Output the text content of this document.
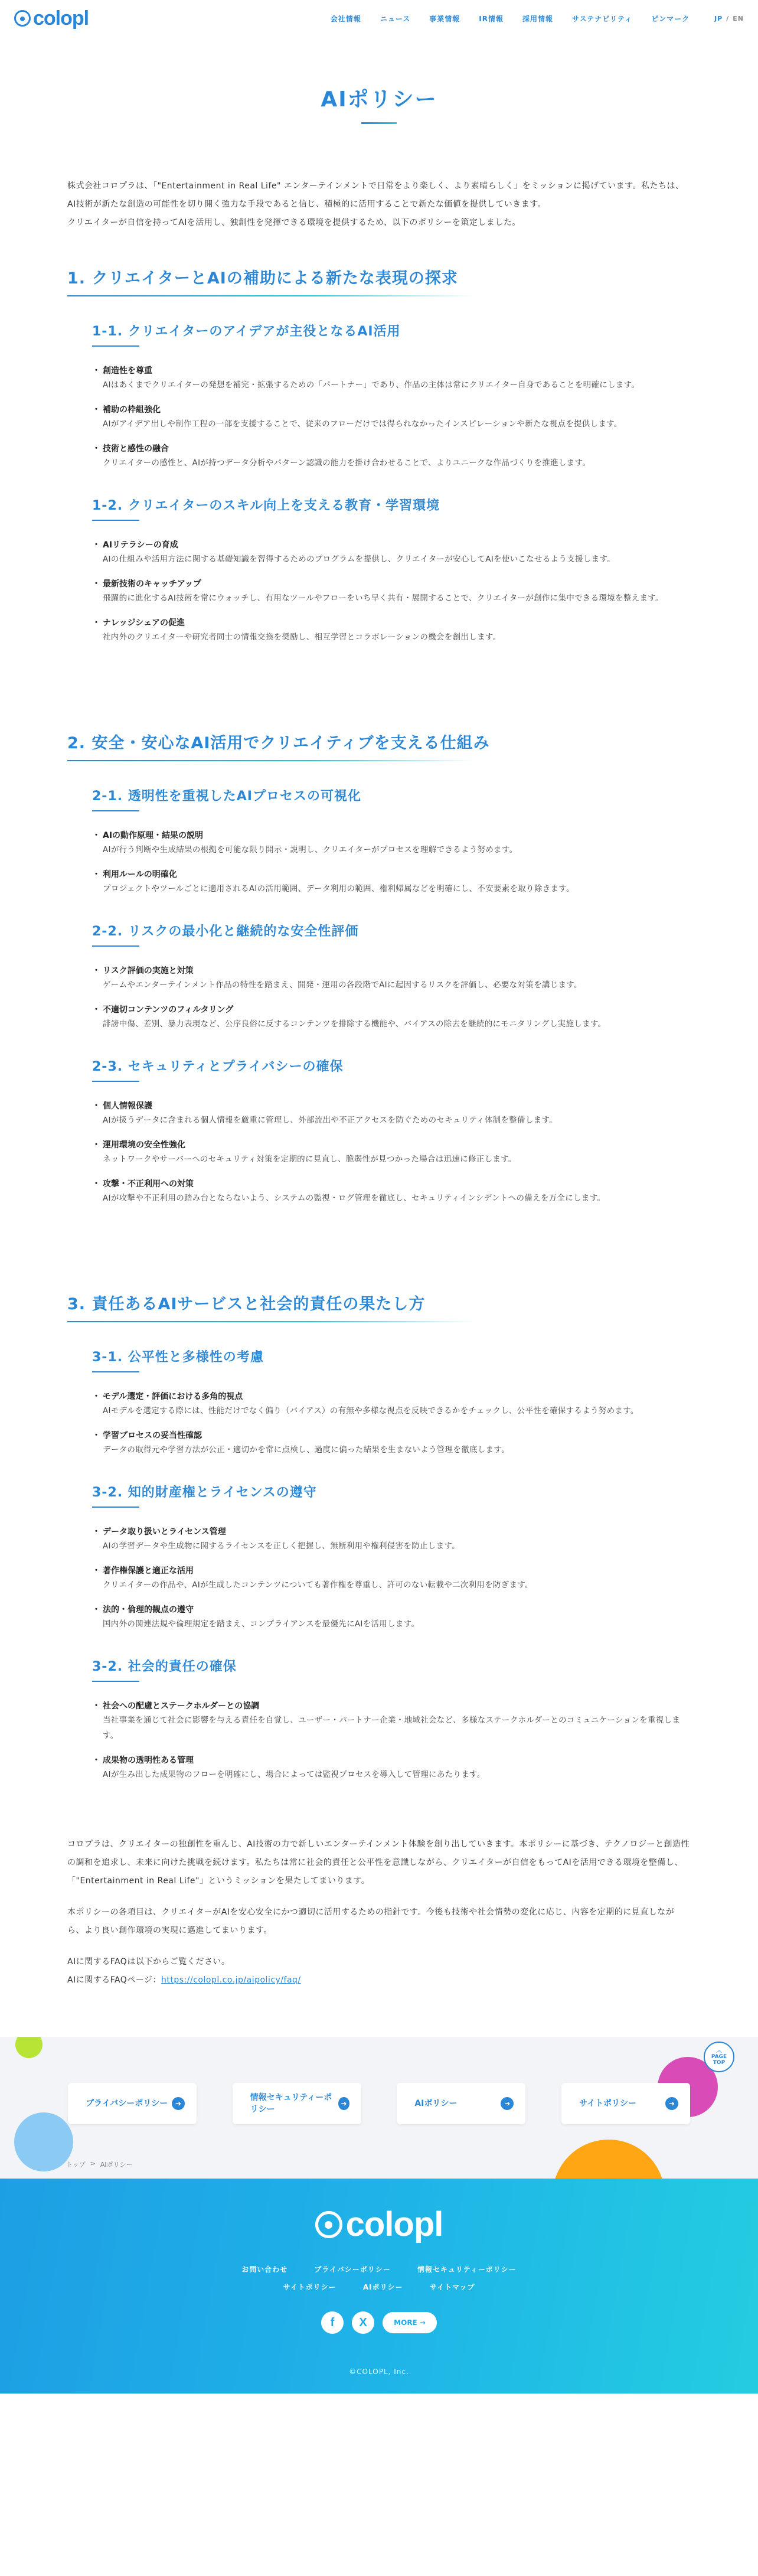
colopl	会社情報	ニュース	事業情報	IR情報	採用情報	サステナビリティ	ピンマーク	JP / EN
AIポリシー

株式会社コロプラは、「"Entertainment in Real Life" エンターテインメントで日常をより楽しく、より素晴らしく」をミッションに掲げています。私たちは、AI技術が新たな創造の可能性を切り開く強力な手段であると信じ、積極的に活用することで新たな価値を提供していきます。

クリエイターが自信を持ってAIを活用し、独創性を発揮できる環境を提供するため、以下のポリシーを策定しました。

1. クリエイターとAIの補助による新たな表現の探求
1-1. クリエイターのアイデアが主役となるAI活用
・ 創造性を尊重
AIはあくまでクリエイターの発想を補完・拡張するための「パートナー」であり、作品の主体は常にクリエイター自身であることを明確にします。
・ 補助の枠組強化
AIがアイデア出しや制作工程の一部を支援することで、従来のフローだけでは得られなかったインスピレーションや新たな視点を提供します。
・ 技術と感性の融合
クリエイターの感性と、AIが持つデータ分析やパターン認識の能力を掛け合わせることで、よりユニークな作品づくりを推進します。
1-2. クリエイターのスキル向上を支える教育・学習環境
・ AIリテラシーの育成
AIの仕組みや活用方法に関する基礎知識を習得するためのプログラムを提供し、クリエイターが安心してAIを使いこなせるよう支援します。
・ 最新技術のキャッチアップ
飛躍的に進化するAI技術を常にウォッチし、有用なツールやフローをいち早く共有・展開することで、クリエイターが創作に集中できる環境を整えます。
・ ナレッジシェアの促進
社内外のクリエイターや研究者同士の情報交換を奨励し、相互学習とコラボレーションの機会を創出します。
2. 安全・安心なAI活用でクリエイティブを支える仕組み
2-1. 透明性を重視したAIプロセスの可視化
・ AIの動作原理・結果の説明
AIが行う判断や生成結果の根拠を可能な限り開示・説明し、クリエイターがプロセスを理解できるよう努めます。
・ 利用ルールの明確化
プロジェクトやツールごとに適用されるAIの活用範囲、データ利用の範囲、権利帰属などを明確にし、不安要素を取り除きます。
2-2. リスクの最小化と継続的な安全性評価
・ リスク評価の実施と対策
ゲームやエンターテインメント作品の特性を踏まえ、開発・運用の各段階でAIに起因するリスクを評価し、必要な対策を講じます。
・ 不適切コンテンツのフィルタリング
誹謗中傷、差別、暴力表現など、公序良俗に反するコンテンツを排除する機能や、バイアスの除去を継続的にモニタリングし実施します。
2-3. セキュリティとプライバシーの確保
・ 個人情報保護
AIが扱うデータに含まれる個人情報を厳重に管理し、外部流出や不正アクセスを防ぐためのセキュリティ体制を整備します。
・ 運用環境の安全性強化
ネットワークやサーバーへのセキュリティ対策を定期的に見直し、脆弱性が見つかった場合は迅速に修正します。
・ 攻撃・不正利用への対策
AIが攻撃や不正利用の踏み台とならないよう、システムの監視・ログ管理を徹底し、セキュリティインシデントへの備えを万全にします。
3. 責任あるAIサービスと社会的責任の果たし方
3-1. 公平性と多様性の考慮
・ モデル選定・評価における多角的視点
AIモデルを選定する際には、性能だけでなく偏り（バイアス）の有無や多様な視点を反映できるかをチェックし、公平性を確保するよう努めます。
・ 学習プロセスの妥当性確認
データの取得元や学習方法が公正・適切かを常に点検し、過度に偏った結果を生まないよう管理を徹底します。
3-2. 知的財産権とライセンスの遵守
・ データ取り扱いとライセンス管理
AIの学習データや生成物に関するライセンスを正しく把握し、無断利用や権利侵害を防止します。
・ 著作権保護と適正な活用
クリエイターの作品や、AIが生成したコンテンツについても著作権を尊重し、許可のない転載や二次利用を防ぎます。
・ 法的・倫理的観点の遵守
国内外の関連法規や倫理規定を踏まえ、コンプライアンスを最優先にAIを活用します。
3-2. 社会的責任の確保
・ 社会への配慮とステークホルダーとの協調
当社事業を通じて社会に影響を与える責任を自覚し、ユーザー・パートナー企業・地域社会など、多様なステークホルダーとのコミュニケーションを重視します。
・ 成果物の透明性ある管理
AIが生み出した成果物のフローを明確にし、場合によっては監視プロセスを導入して管理にあたります。

コロプラは、クリエイターの独創性を重んじ、AI技術の力で新しいエンターテインメント体験を創り出していきます。本ポリシーに基づき、テクノロジーと創造性の調和を追求し、未来に向けた挑戦を続けます。私たちは常に社会的責任と公平性を意識しながら、クリエイターが自信をもってAIを活用できる環境を整備し、「"Entertainment in Real Life"」というミッションを果たしてまいります。

本ポリシーの各項目は、クリエイターがAIを安心安全にかつ適切に活用するための指針です。今後も技術や社会情勢の変化に応じ、内容を定期的に見直しながら、より良い創作環境の実現に邁進してまいります。

AIに関するFAQは以下からご覧ください。
AIに関するFAQページ：https://colopl.co.jp/aipolicy/faq/
︿
PAGE
TOP
プライバシーポリシー	➜
情報セキュリティーポリシー
➜	AIポリシー	➜	サイトポリシー	➜
トップ > AIポリシー
colopl
お問い合わせ	プライバシーポリシー	情報セキュリティーポリシー
サイトポリシー	AIポリシー	サイトマップ
f	X	MORE →
©COLOPL, Inc.
